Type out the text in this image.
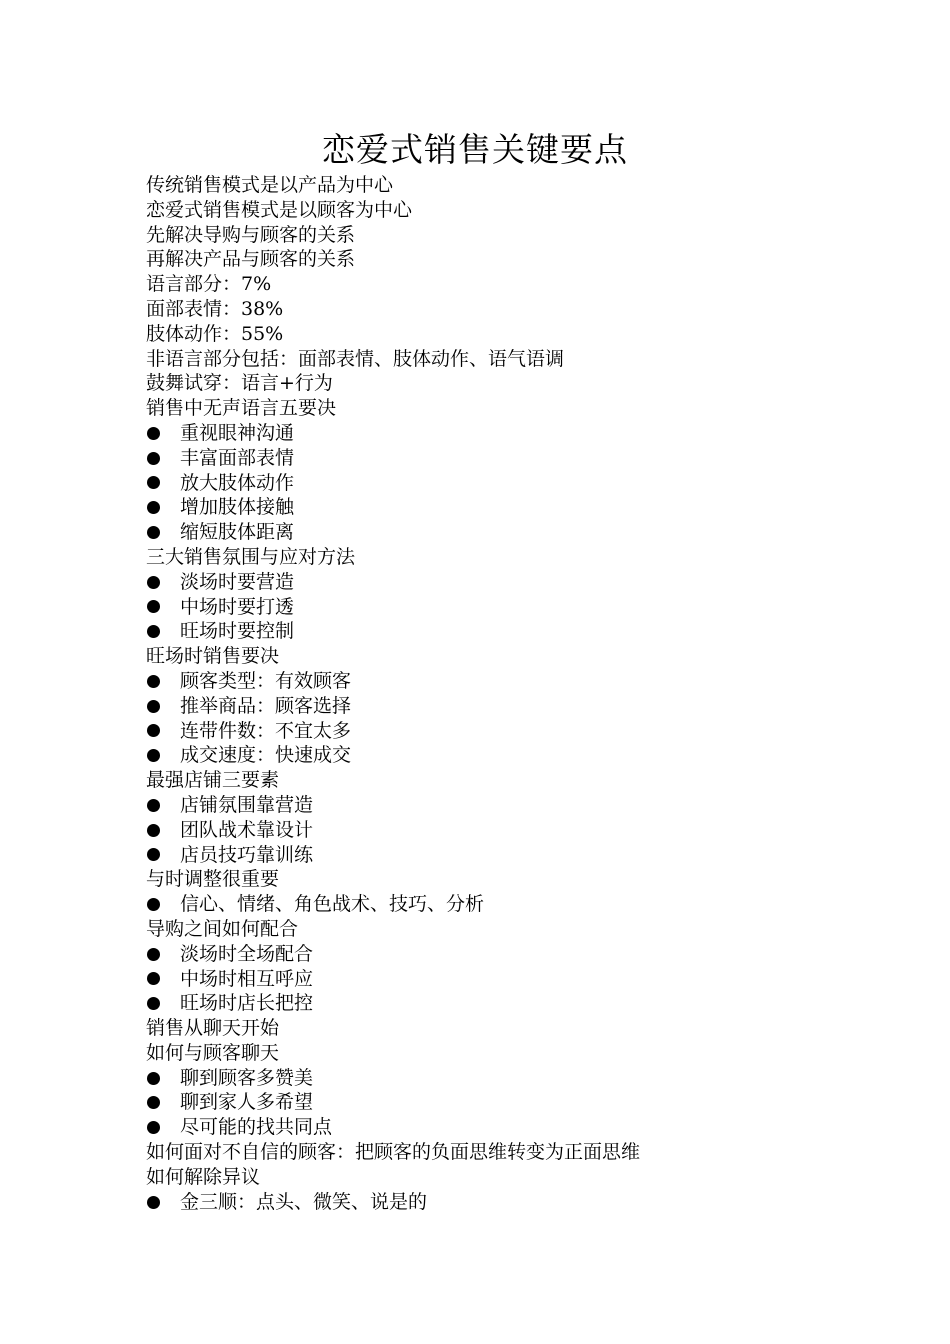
恋爱式销售关键要点
传统销售模式是以产品为中心
恋爱式销售模式是以顾客为中心
先解决导购与顾客的关系
再解决产品与顾客的关系
语言部分：7%
面部表情：38%
肢体动作：55%
非语言部分包括：面部表情、肢体动作、语气语调
鼓舞试穿：语言+行为
销售中无声语言五要决
重视眼神沟通
丰富面部表情
放大肢体动作
增加肢体接触
缩短肢体距离
三大销售氛围与应对方法
淡场时要营造
中场时要打透
旺场时要控制
旺场时销售要决
顾客类型：有效顾客
推举商品：顾客选择
连带件数：不宜太多
成交速度：快速成交
最强店铺三要素
店铺氛围靠营造
团队战术靠设计
店员技巧靠训练
与时调整很重要
信心、情绪、角色战术、技巧、分析
导购之间如何配合
淡场时全场配合
中场时相互呼应
旺场时店长把控
销售从聊天开始
如何与顾客聊天
聊到顾客多赞美
聊到家人多希望
尽可能的找共同点
如何面对不自信的顾客：把顾客的负面思维转变为正面思维
如何解除异议
金三顺：点头、微笑、说是的
